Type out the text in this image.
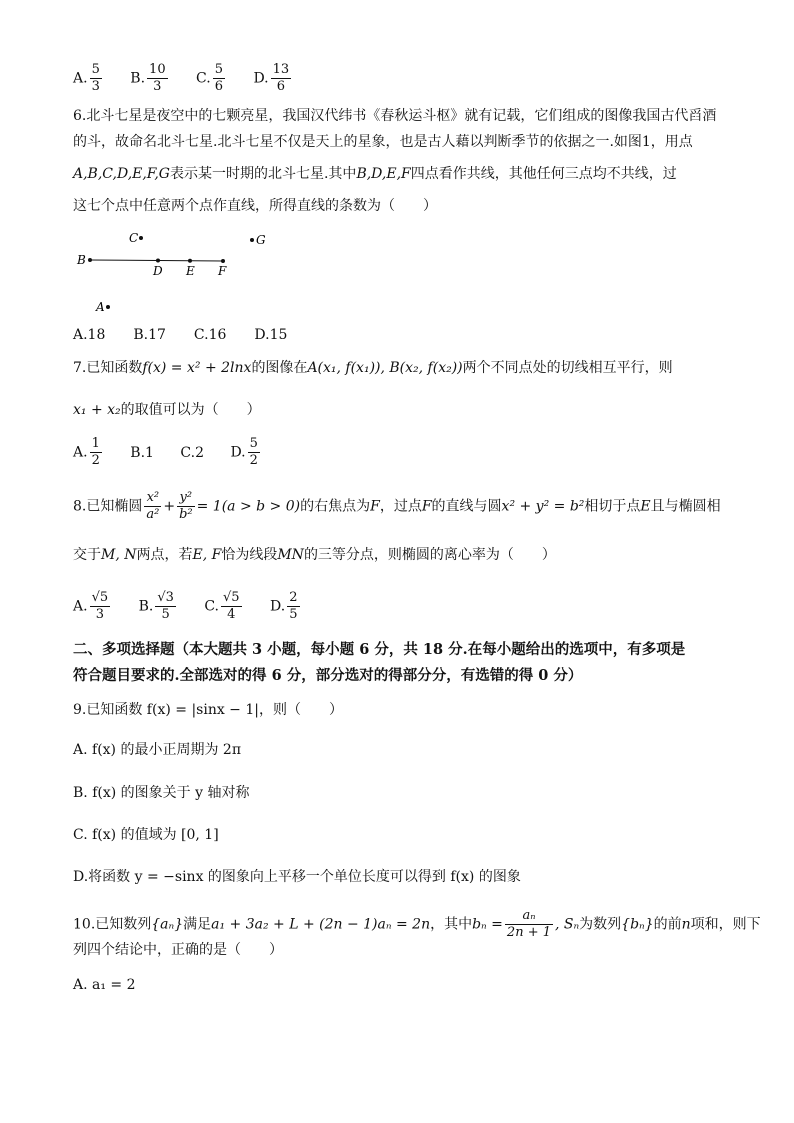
A. $\frac{5}{3} B$. $\frac{10}{3} C$. $\frac{5}{6} D$. $\frac{13}{6}$
6.北斗七星是夜空中的七颗亮星，我国汉代纬书《春秋运斗枢》就有记载，它们组成的图像我国古代舀酒
的斗，故命名北斗七星.北斗七星不仅是天上的星象，也是古人藉以判断季节的依据之一.如图1，用点
A,B,C,D,E,F,G表示某一时期的北斗七星.其中B,D,E,F四点看作共线，其他任何三点均不共线，过
这七个点中任意两个点作直线，所得直线的条数为（　　）
B
C
D E F
G
A
A.18　　B.17　　C.16　　D.15
7.已知函数f(x) = x² + 2lnx的图像在A(x₁, f(x₁)), B(x₂, f(x₂))两个不同点处的切线相互平行，则
x₁ + x₂的取值可以为（　　）
A. $\frac{1}{2} B.1$ C.2 D. $\frac{5}{2}$
8.已知椭圆 $\frac{\text{x²}}{\text{a²}} + \frac{\text{y²}}{\text{b²}} = 1(a > b > 0)$的右焦点为F，过点F的直线与圆x² + y² = b²相切于点E且与椭圆相
交于M, N两点，若E, F恰为线段MN的三等分点，则椭圆的离心率为（　　）
A. $\frac{√5}{3} B$. $\frac{√3}{5} C$. $\frac{√5}{4} D$. $\frac{2}{5}$
二、多项选择题（本大题共 3 小题，每小题 6 分，共 18 分.在每小题给出的选项中，有多项是
符合题目要求的.全部选对的得 6 分，部分选对的得部分分，有选错的得 0 分）
9.已知函数 f(x) = |sinx − 1|，则（　　）
A. f(x) 的最小正周期为 2π
B. f(x) 的图象关于 y 轴对称
C. f(x) 的值域为 [0, 1]
D.将函数 y = −sinx 的图象向上平移一个单位长度可以得到 f(x) 的图象
10.已知数列{aₙ}满足a₁ + 3a₂ + L + (2n − 1)aₙ = 2n，其中$b_n = \frac{\text{aₙ}}{2n + 1}$ , Sₙ为数列{bₙ}的前n项和，则下
列四个结论中，正确的是（　　）
A. a₁ = 2
